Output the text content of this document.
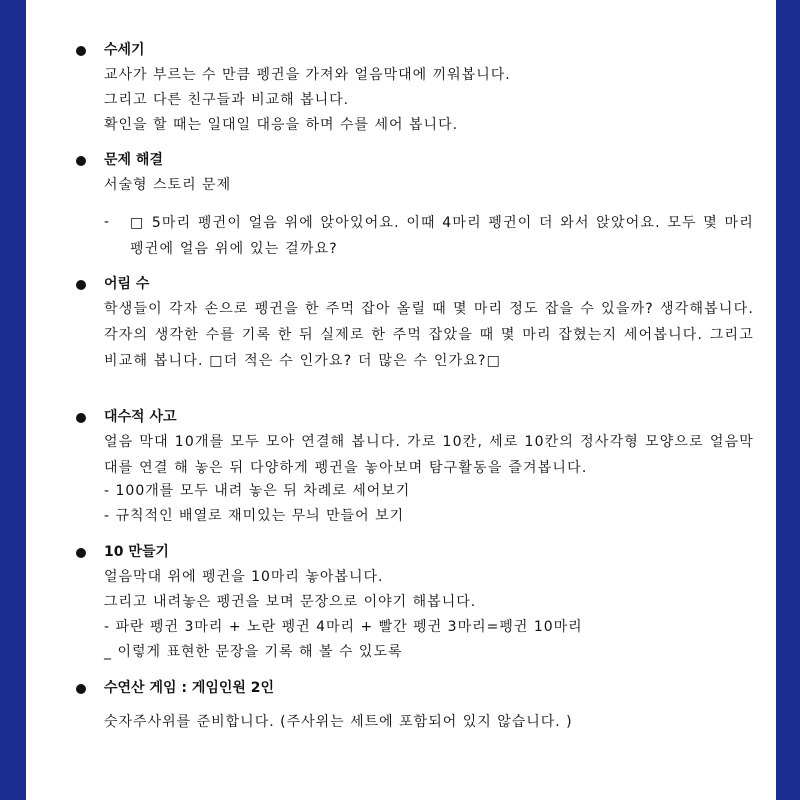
수세기
교사가 부르는 수 만큼 펭귄을 가져와 얼음막대에 끼워봅니다.
그리고 다른 친구들과 비교해 봅니다.
확인을 할 때는 일대일 대응을 하며 수를 세어 봅니다.
문제 해결
서술형 스토리 문제
- □ 5마리 펭귄이 얼음 위에 앉아있어요. 이때 4마리 펭귄이 더 와서 앉았어요. 모두 몇 마리 펭귄에 얼음 위에 있는 걸까요?
어림 수
학생들이 각자 손으로 펭귄을 한 주먹 잡아 올릴 때 몇 마리 정도 잡을 수 있을까? 생각해봅니다. 각자의 생각한 수를 기록 한 뒤 실제로 한 주먹 잡았을 때 몇 마리 잡혔는지 세어봅니다. 그리고 비교해 봅니다. □더 적은 수 인가요? 더 많은 수 인가요?□
대수적 사고
얼음 막대 10개를 모두 모아 연결해 봅니다. 가로 10칸, 세로 10칸의 정사각형 모양으로 얼음막대를 연결 해 놓은 뒤 다양하게 펭귄을 놓아보며 탐구활동을 즐겨봅니다.
- 100개를 모두 내려 놓은 뒤 차례로 세어보기
- 규칙적인 배열로 재미있는 무늬 만들어 보기
10 만들기
얼음막대 위에 펭귄을 10마리 놓아봅니다.
그리고 내려놓은 펭귄을 보며 문장으로 이야기 해봅니다.
- 파란 펭귄 3마리 + 노란 펭귄 4마리 + 빨간 펭귄 3마리=펭귄 10마리
_ 이렇게 표현한 문장을 기록 해 볼 수 있도록
수연산 게임 : 게임인원 2인
숫자주사위를 준비합니다. (주사위는 세트에 포함되어 있지 않습니다. )
